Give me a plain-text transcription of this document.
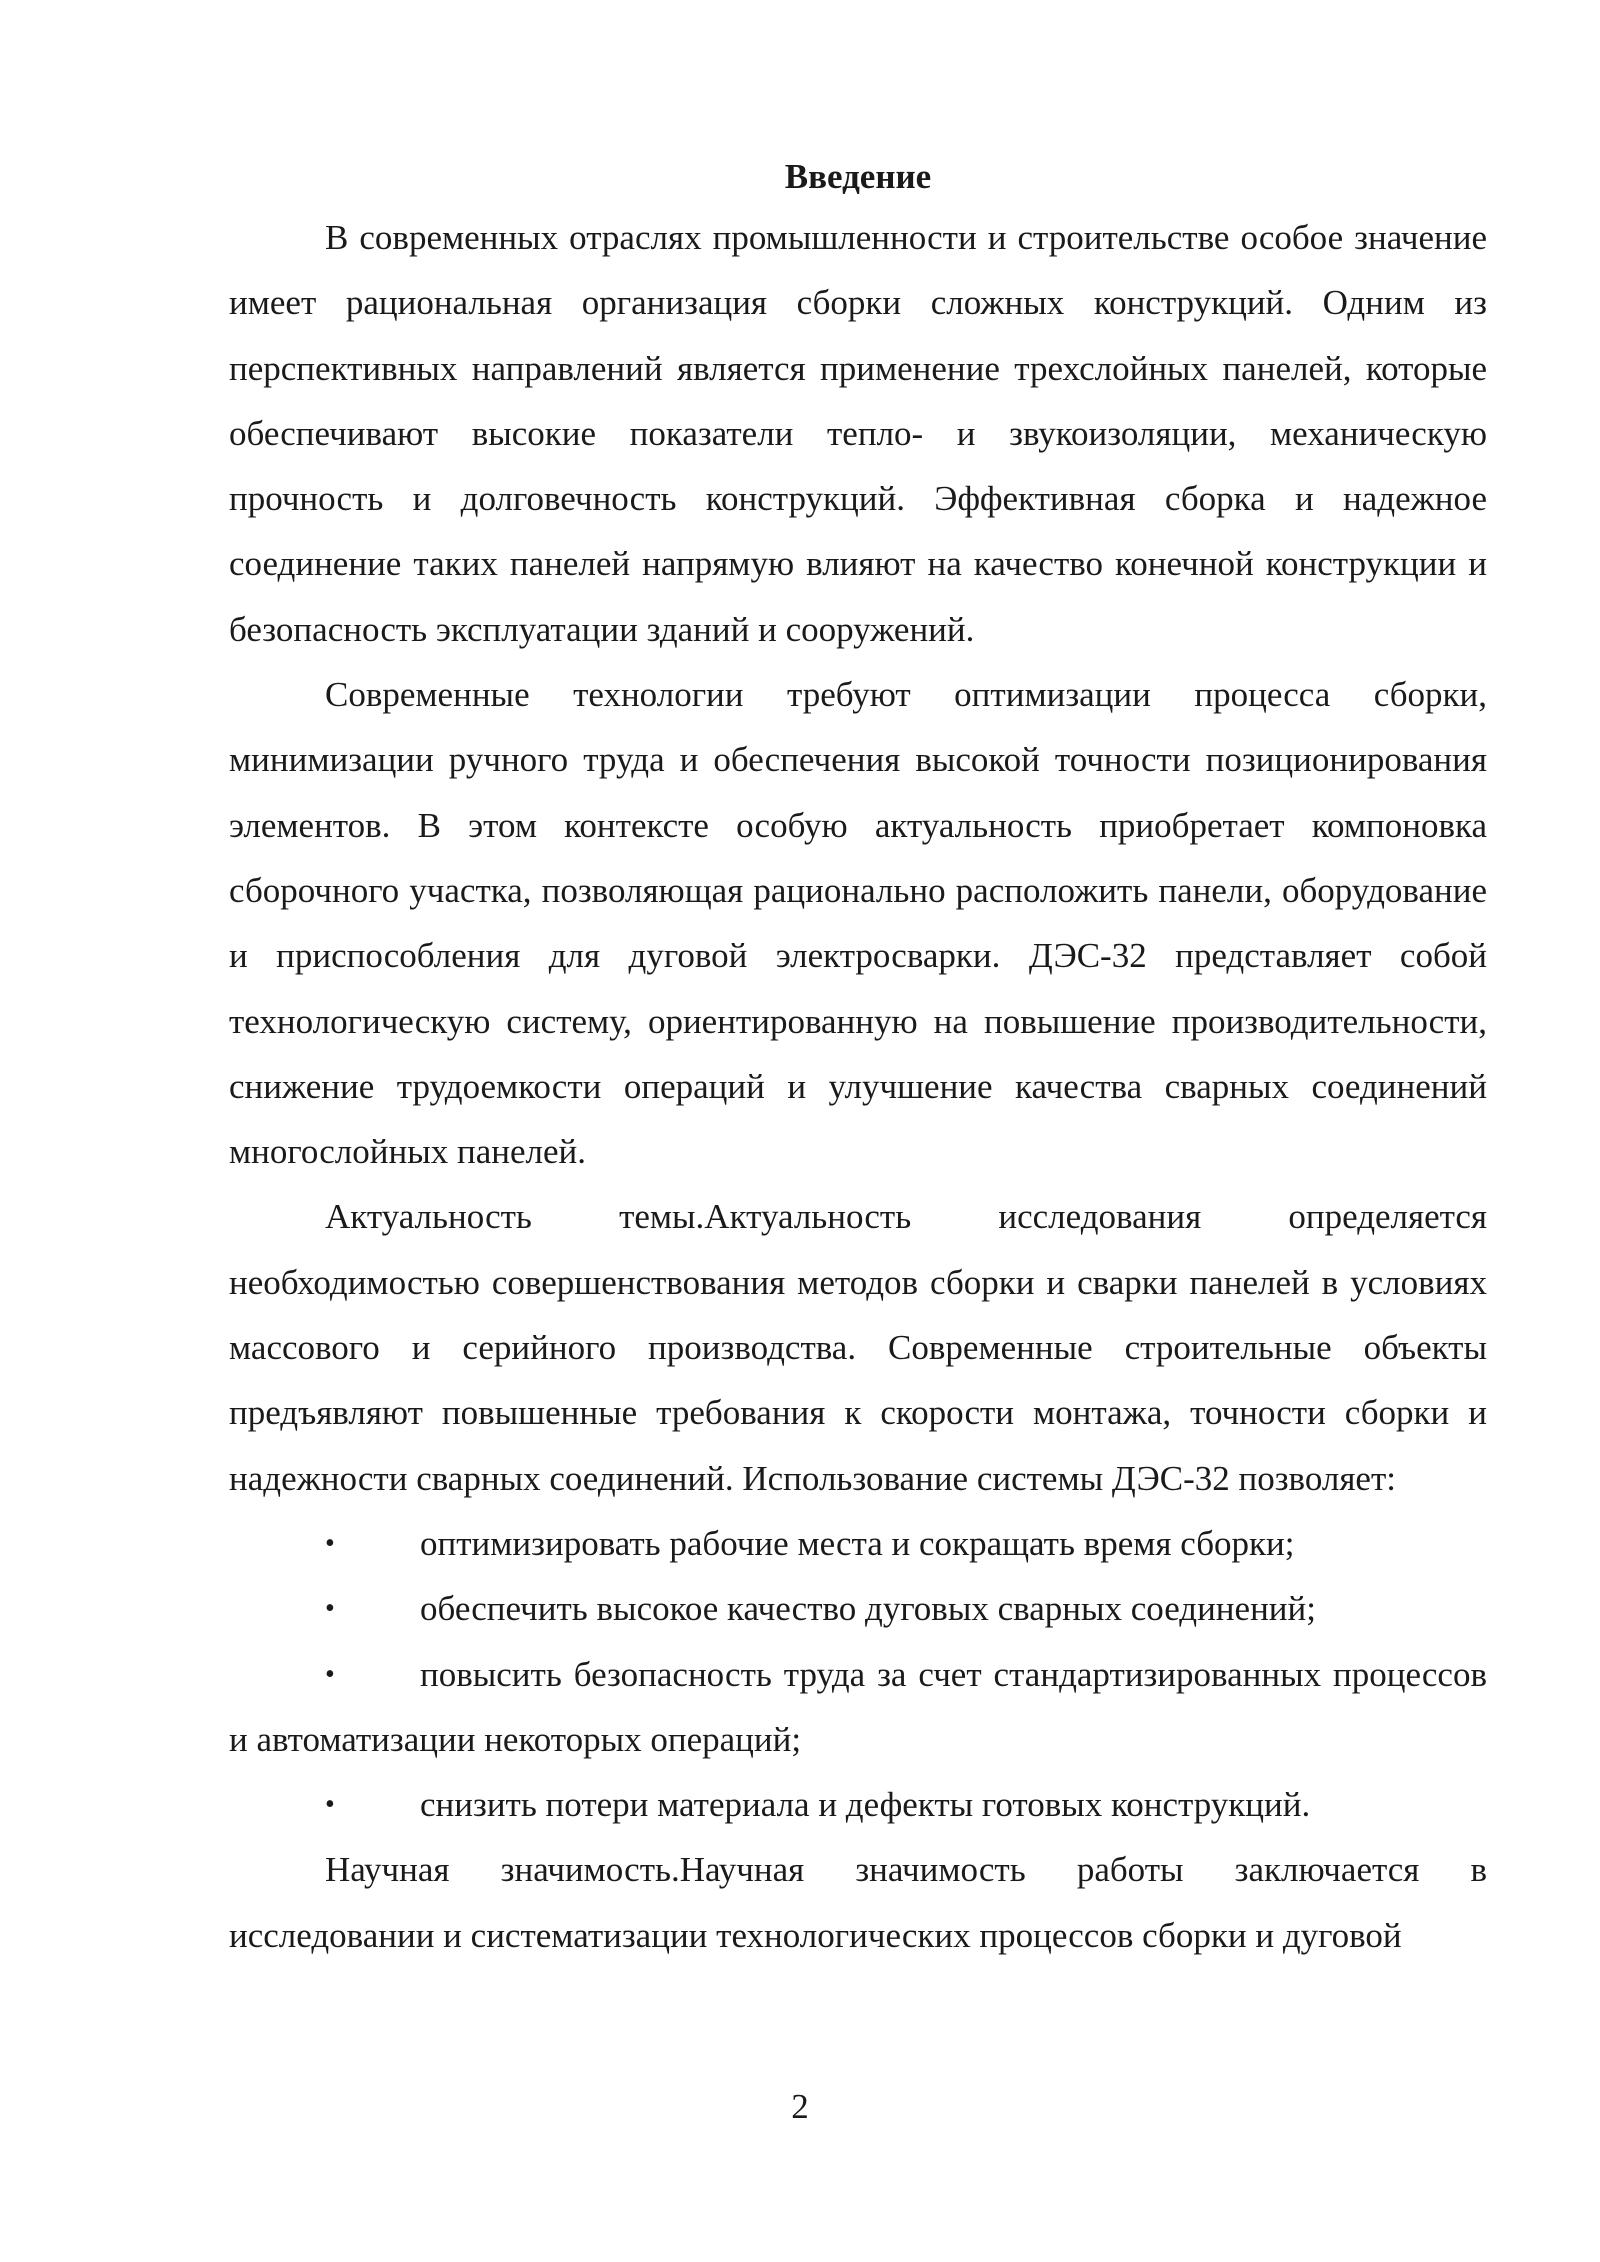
Введение

В современных отраслях промышленности и строительстве особое значение имеет рациональная организация сборки сложных конструкций. Одним из перспективных направлений является применение трехслойных панелей, которые обеспечивают высокие показатели тепло- и звукоизоляции, механическую прочность и долговечность конструкций. Эффективная сборка и надежное соединение таких панелей напрямую влияют на качество конечной конструкции и безопасность эксплуатации зданий и сооружений.

Современные технологии требуют оптимизации процесса сборки, минимизации ручного труда и обеспечения высокой точности позиционирования элементов. В этом контексте особую актуальность приобретает компоновка сборочного участка, позволяющая рационально расположить панели, оборудование и приспособления для дуговой электросварки. ДЭС-32 представляет собой технологическую систему, ориентированную на повышение производительности, снижение трудоемкости операций и улучшение качества сварных соединений многослойных панелей.

Актуальность темы.Актуальность исследования определяется необходимостью совершенствования методов сборки и сварки панелей в условиях массового и серийного производства. Современные строительные объекты предъявляют повышенные требования к скорости монтажа, точности сборки и надежности сварных соединений. Использование системы ДЭС-32 позволяет:

•	оптимизировать рабочие места и сокращать время сборки;
•	обеспечить высокое качество дуговых сварных соединений;
•	повысить безопасность труда за счет стандартизированных процессов и автоматизации некоторых операций;
•	снизить потери материала и дефекты готовых конструкций.

Научная значимость.Научная значимость работы заключается в исследовании и систематизации технологических процессов сборки и дуговой

2
